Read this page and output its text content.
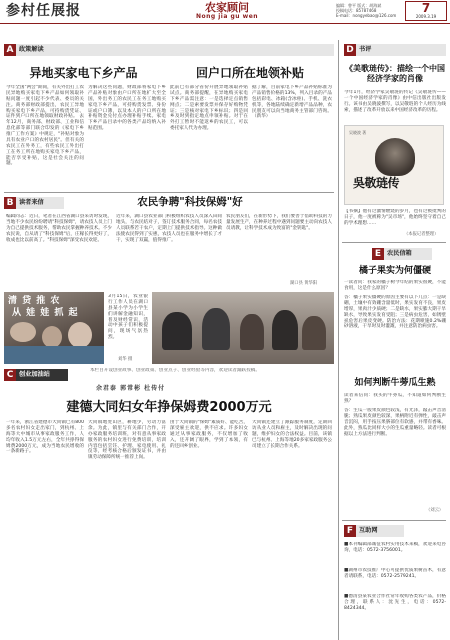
参村任展报	农家顾问
Nong jia gu wen
编辑：曾平 版式：胡海斌
投稿电话：85787468
E-mail：nongyebao@126.com
7
2009.3.19
A 政策解读
异地买家电下乡产品	回户口所在地领补贴
今年全国"两会"期间，有关外出打工农民异地购买家电下乡产品如何领取补贴问题一度引起不少代表、委员的关注。商务部财政部提出，农民工异地购买家电下乡产品，可持购货凭证、证件到户口所在地领取财政补贴。 去年12月，商务部、财政部、工业和信息化部等部门联合印发的《家电下乡推广工作方案》中规定，"补贴对象为具有农业户口的农村居民"。但有关的农民工在外务工，有些农民工外出打工在务工所在地购买家电下乡产品，能否享受补贴，这是社会关注的问题。
为解决这些问题，财政部将家电下乡产品补贴对象由户口所在地扩大至全国，外出务工的农民工在务工地购买家电下乡产品，可持购货发票、身份证或户口簿，以及本人的户口所在地补贴资金兑付点办理补贴手续。家电下乡产品目录中的各类产品均纳入补贴范围。
此前已有部分省份开展异地领取补贴试点。商务部提醒，在异地购买家电下乡产品需注意：一是选择定点销售网点；二是索要发票并保存好购物凭证；三是核对家电下乡标识；四是回乡及时到指定地点申领补贴。对于在外打工暂时不能返乡的农民工，可以委托家人代为办理。
据了解，目前家电下乡产品补贴标准为产品销售价格的13%，列入目录的产品包括彩电、冰箱(含冰柜)、手机、洗衣机等，各地陆续确定新增产品品种，农民朋友可以向当地商务主管部门咨询。（新华）
B 读者来信	农民争聘"科技保姆"好
编辑同志：近日，笔者在江西省湖口县采访时发现，当地不少农民纷纷聘请"科技保姆"，请农技人员上门为自己提供技术服务，帮助农民掌握种养技术。不少农民说，自从请了"科技保姆"后，庄稼长得更好了，收成也比以前高了。"科技保姆"深受农民欢迎。
近年来，湖口县农业部门积极组织农技人员深入田间地头，与农民结对子，签订技术服务合同，每名农技人员联系若干农户，定期上门提供技术指导。这种做法使农民得到了实惠，农技人员也在服务中增长了才干，实现了双赢，值得推广。
农民朋友们，在新形势下，我们要善于借助科技的力量发展生产，在种养过程中遇到问题要主动向农技人员请教，让科学技术成为致富的"金钥匙"。
湖口县 黄华阳
清 贷 推 农
从 娃 娃 抓 起
3月15日，农业银行工作人员在湖口县某小学为小学生们讲解金融知识，普及财经常识，活动中孩子们积极提问，现场气氛热烈。
刘华 摄
C 创业加油站
本栏目开设创业故事、创业政策、创业点子、创业经验等内容，欢迎读者踊跃投稿。
余君泰 郭常彬 杜传付
建德大同妇女年挣保姆费2000万元
一年来，浙江省建德市大同镇已有800多名农村妇女走出家门，到杭州、上海等大中城市从事家政服务工作，人均年收入1.5万元左右，全年共挣得保姆费2000万元，成为当地农民增收的一条新路子。
大同镇地处山区，耕地少，劳动力富余。为此，镇里与有关部门合作，开办家政服务培训班，对有意从事家政服务的农村妇女进行免费培训，培训内容包括烹饪、护理、家电使用、礼仪等，经考核合格后颁发证书，并由镇劳动保障所统一推荐上岗。
由于大同镇的"保姆"素质好、能吃苦，深受雇主欢迎，供不应求。许多妇女通过从事家政服务，不仅增加了收入，还开阔了眼界，学到了本领，有的还回乡创业。
大同镇还建立了跟踪服务制度，定期回访从业人员和雇主，及时解决出现的问题，维护妇女的合法权益。目前，该镇已与杭州、上海等地20多家家政服务公司建立了长期合作关系。
D 书评
《美歌琏传》：描绘一个中国经济学家的肖像
今年1月，经济学家吴敬琏的传记《吴敬琏传——一个中国经济学家的肖像》由中信出版社出版发行。该书由吴晓波撰写，以吴敬琏的个人经历为线索，描述了改革开放以来中国经济改革的历程。
吴晓波 著
吳敬琏传
【书摘】他有过激情燃烧的岁月，也有过被批判的日子，他一度被称为"吴市场"，他始终坚守着自己的学术理想……
（本报记者整理）
E 农民信箱
橘子果实为何僵硬
一读者问：我家的橘子树今年结的果实很硬，不能食用，这是什么原因？
答：橘子果实僵硬的原因主要有以下几点：一是缺硼，土壤中有效硼含量低时，果实发育不良，果皮增厚，果肉汁少质硬；二是缺水，果实膨大期干旱缺水，导致果实发育受阻；三是病虫危害，如锈壁虱危害后果皮变硬。防治方法：花期喷施0.2%硼砂溶液，干旱时及时灌溉，并注意防治病虫害。
如何判断牛蒡瓜生熟
读者来信问：我买的牛蒡瓜，不知道如何判断生熟？
答：生瓜一般果皮颜色较浅，有光泽，敲击声音清脆；熟瓜果皮颜色较深，果柄附近有弹性，敲击声音沉闷，用手按压果脐部位有软感，并带有香味。此外，熟瓜比同样大小的生瓜重量略轻。读者可根据以上方法进行判断。
（刘云）
F 互助网
■本刊编辑部诚征农村实用技术来稿，欢迎来电咨询，电话：0572-3756001。
■湖州市农技推广中心可提供优质果树苗木，有意者请联系，电话：0572-2579241。
■德清县某农业合作社常年收购各类农产品，价格合理，联系人：沈先生，电话：0572-8424344。
